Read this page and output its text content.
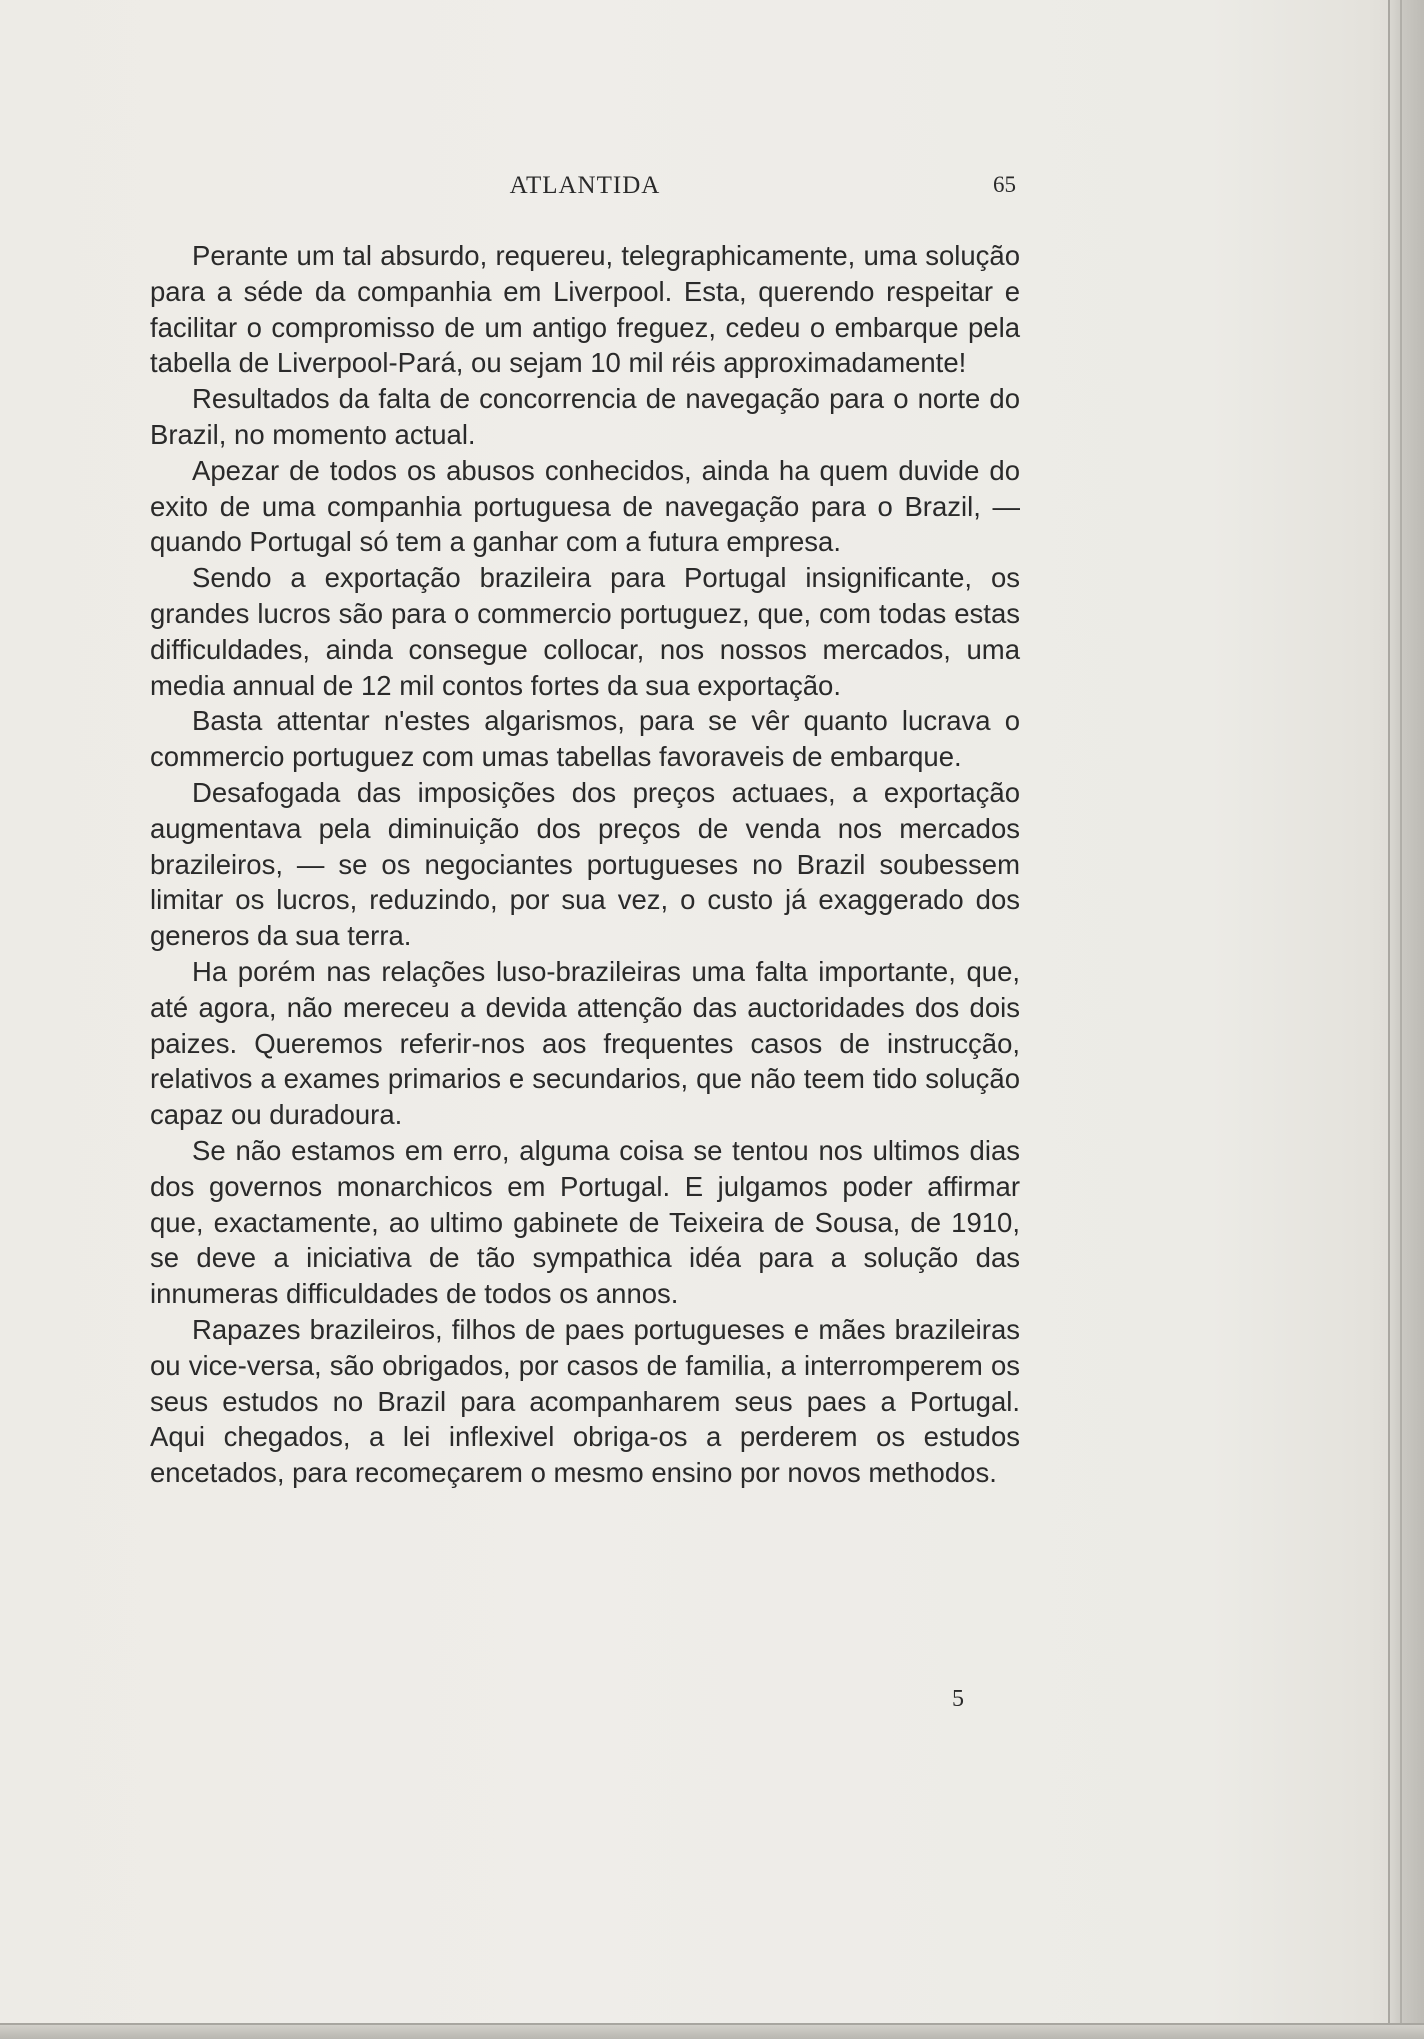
ATLANTIDA	65

Perante um tal absurdo, requereu, telegraphicamente, uma solução para a séde da companhia em Liverpool. Esta, querendo respeitar e facilitar o compromisso de um antigo freguez, cedeu o embarque pela tabella de Liverpool-Pará, ou sejam 10 mil réis approximadamente!

Resultados da falta de concorrencia de navegação para o norte do Brazil, no momento actual.

Apezar de todos os abusos conhecidos, ainda ha quem duvide do exito de uma companhia portuguesa de navegação para o Brazil, — quando Portugal só tem a ganhar com a futura empresa.

Sendo a exportação brazileira para Portugal insignificante, os grandes lucros são para o commercio portuguez, que, com todas estas difficuldades, ainda consegue collocar, nos nossos mercados, uma media annual de 12 mil contos fortes da sua exportação.

Basta attentar n'estes algarismos, para se vêr quanto lucrava o commercio portuguez com umas tabellas favoraveis de embarque.

Desafogada das imposições dos preços actuaes, a exportação augmentava pela diminuição dos preços de venda nos mercados brazileiros, — se os negociantes portugueses no Brazil soubessem limitar os lucros, reduzindo, por sua vez, o custo já exaggerado dos generos da sua terra.

Ha porém nas relações luso-brazileiras uma falta importante, que, até agora, não mereceu a devida attenção das auctoridades dos dois paizes. Queremos referir-nos aos frequentes casos de instrucção, relativos a exames primarios e secundarios, que não teem tido solução capaz ou duradoura.

Se não estamos em erro, alguma coisa se tentou nos ultimos dias dos governos monarchicos em Portugal. E julgamos poder affirmar que, exactamente, ao ultimo gabinete de Teixeira de Sousa, de 1910, se deve a iniciativa de tão sympathica idéa para a solução das innumeras difficuldades de todos os annos.

Rapazes brazileiros, filhos de paes portugueses e mães brazileiras ou vice-versa, são obrigados, por casos de familia, a interromperem os seus estudos no Brazil para acompanharem seus paes a Portugal. Aqui chegados, a lei inflexivel obriga-os a perderem os estudos encetados, para recomeçarem o mesmo ensino por novos methodos.

5
